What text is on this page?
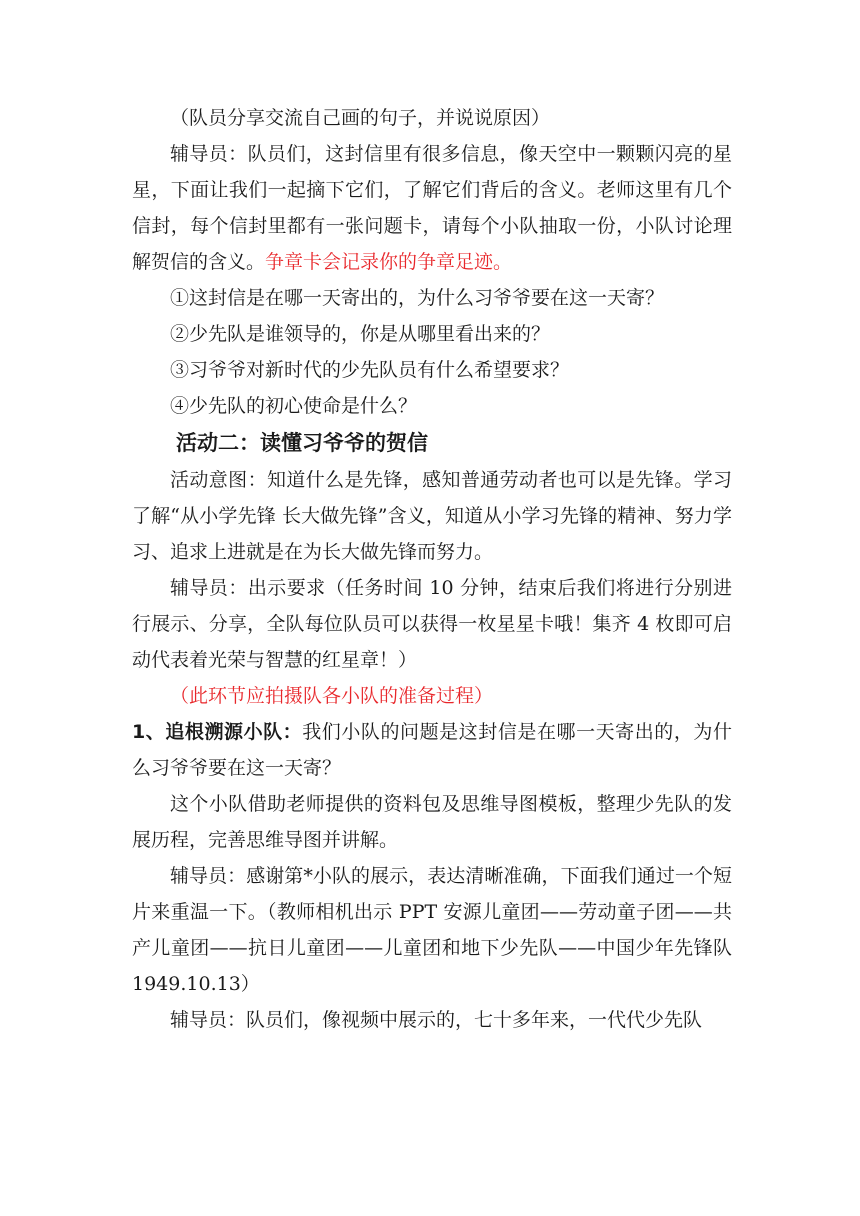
（队员分享交流自己画的句子，并说说原因）

辅导员：队员们，这封信里有很多信息，像天空中一颗颗闪亮的星星，下面让我们一起摘下它们，了解它们背后的含义。老师这里有几个信封，每个信封里都有一张问题卡，请每个小队抽取一份，小队讨论理解贺信的含义。争章卡会记录你的争章足迹。

①这封信是在哪一天寄出的，为什么习爷爷要在这一天寄？

②少先队是谁领导的，你是从哪里看出来的？

③习爷爷对新时代的少先队员有什么希望要求？

④少先队的初心使命是什么？

活动二：读懂习爷爷的贺信

活动意图：知道什么是先锋，感知普通劳动者也可以是先锋。学习了解“从小学先锋 长大做先锋”含义，知道从小学习先锋的精神、努力学习、追求上进就是在为长大做先锋而努力。

辅导员：出示要求（任务时间 10 分钟，结束后我们将进行分别进行展示、分享，全队每位队员可以获得一枚星星卡哦！集齐 4 枚即可启动代表着光荣与智慧的红星章！）

（此环节应拍摄队各小队的准备过程）

1、追根溯源小队：我们小队的问题是这封信是在哪一天寄出的，为什么习爷爷要在这一天寄？

这个小队借助老师提供的资料包及思维导图模板，整理少先队的发展历程，完善思维导图并讲解。

辅导员：感谢第*小队的展示，表达清晰准确，下面我们通过一个短片来重温一下。（教师相机出示 PPT 安源儿童团——劳动童子团——共产儿童团——抗日儿童团——儿童团和地下少先队——中国少年先锋队 1949.10.13）

辅导员：队员们，像视频中展示的，七十多年来，一代代少先队
